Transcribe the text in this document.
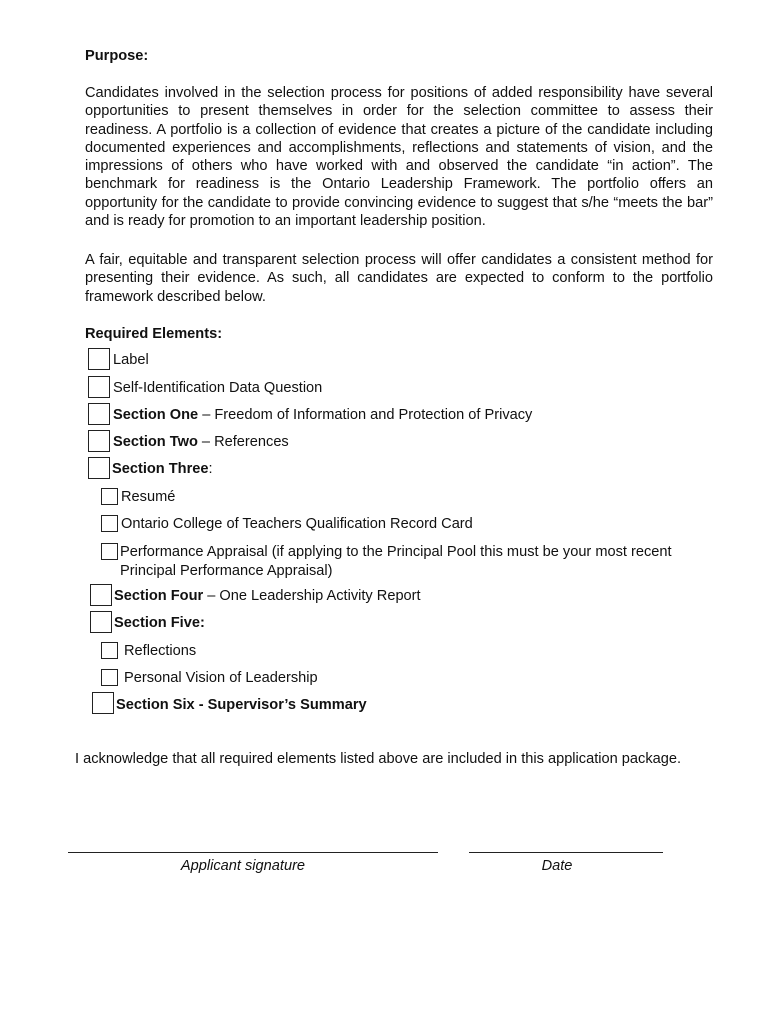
Purpose:
Candidates involved in the selection process for positions of added responsibility have several opportunities to present themselves in order for the selection committee to assess their readiness. A portfolio is a collection of evidence that creates a picture of the candidate including documented experiences and accomplishments, reflections and statements of vision, and the impressions of others who have worked with and observed the candidate “in action”. The benchmark for readiness is the Ontario Leadership Framework. The portfolio offers an opportunity for the candidate to provide convincing evidence to suggest that s/he “meets the bar” and is ready for promotion to an important leadership position.
A fair, equitable and transparent selection process will offer candidates a consistent method for presenting their evidence. As such, all candidates are expected to conform to the portfolio framework described below.
Required Elements:
Label
Self-Identification Data Question
Section One – Freedom of Information and Protection of Privacy
Section Two – References
Section Three:
Resumé
Ontario College of Teachers Qualification Record Card
Performance Appraisal (if applying to the Principal Pool this must be your most recent Principal Performance Appraisal)
Section Four – One Leadership Activity Report
Section Five:
Reflections
Personal Vision of Leadership
Section Six - Supervisor’s Summary
I acknowledge that all required elements listed above are included in this application package.
Applicant signature	Date
